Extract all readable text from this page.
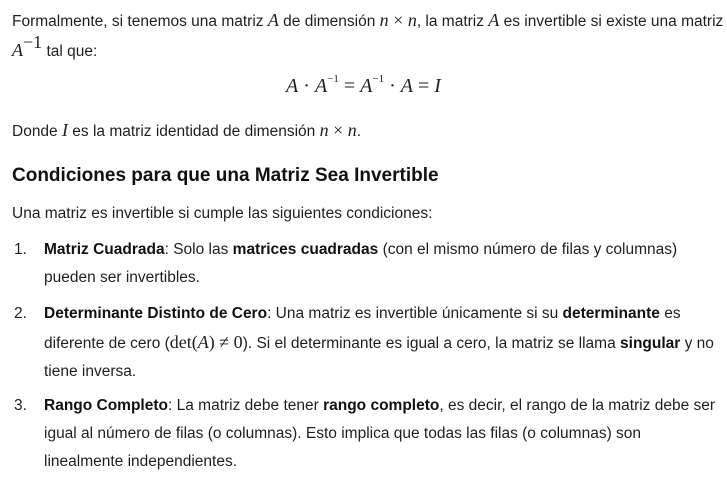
Formalmente, si tenemos una matriz A de dimensión n × n, la matriz A es invertible si existe una matriz $A^{-1}$ tal que:

$A \cdot A^{-1} = A^{-1} \cdot A = I$

Donde I es la matriz identidad de dimensión n × n.

Condiciones para que una Matriz Sea Invertible

Una matriz es invertible si cumple las siguientes condiciones:

1. Matriz Cuadrada: Solo las matrices cuadradas (con el mismo número de filas y columnas) pueden ser invertibles.
2. Determinante Distinto de Cero: Una matriz es invertible únicamente si su determinante es diferente de cero (det(A) ≠ 0). Si el determinante es igual a cero, la matriz se llama singular y no tiene inversa.
3. Rango Completo: La matriz debe tener rango completo, es decir, el rango de la matriz debe ser igual al número de filas (o columnas). Esto implica que todas las filas (o columnas) son linealmente independientes.
